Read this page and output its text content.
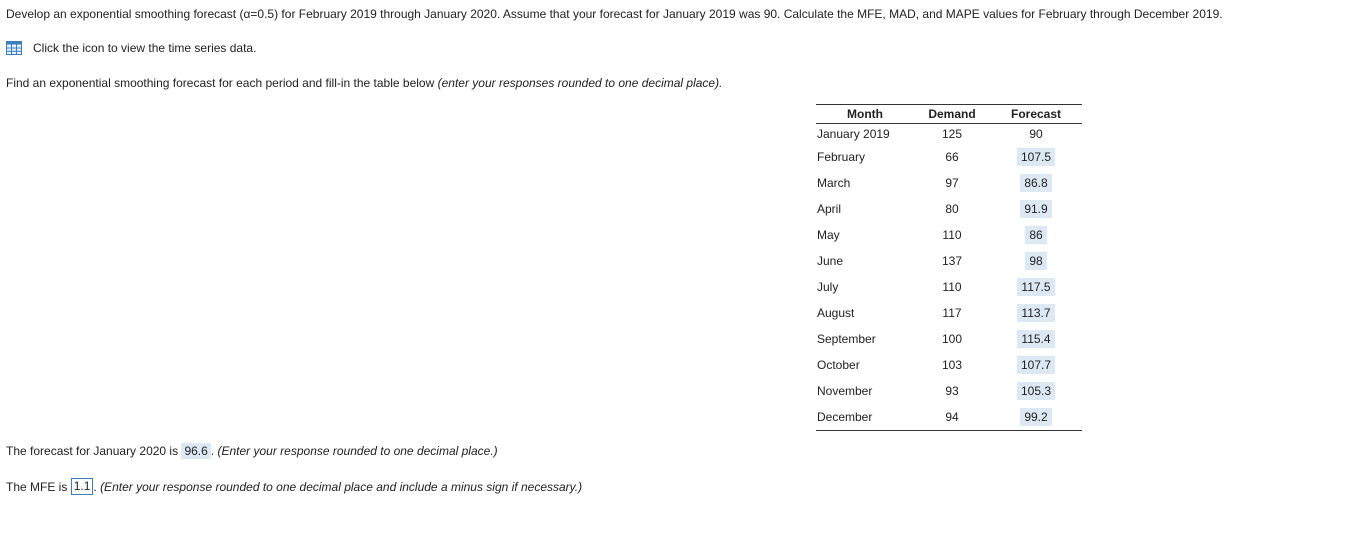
Develop an exponential smoothing forecast (α=0.5) for February 2019 through January 2020. Assume that your forecast for January 2019 was 90. Calculate the MFE, MAD, and MAPE values for February through December 2019.
Click the icon to view the time series data.
Find an exponential smoothing forecast for each period and fill-in the table below (enter your responses rounded to one decimal place).
Month	Demand	Forecast
January 2019	125	90
February	66	107.5
March	97	86.8
April	80	91.9
May	110	86
June	137	98
July	110	117.5
August	117	113.7
September	100	115.4
October	103	107.7
November	93	105.3
December	94	99.2
The forecast for January 2020 is
96.6 .
(Enter your response rounded to one decimal place.)
The MFE is
1.1 .
(Enter your response rounded to one decimal place and include a minus sign if necessary.)
